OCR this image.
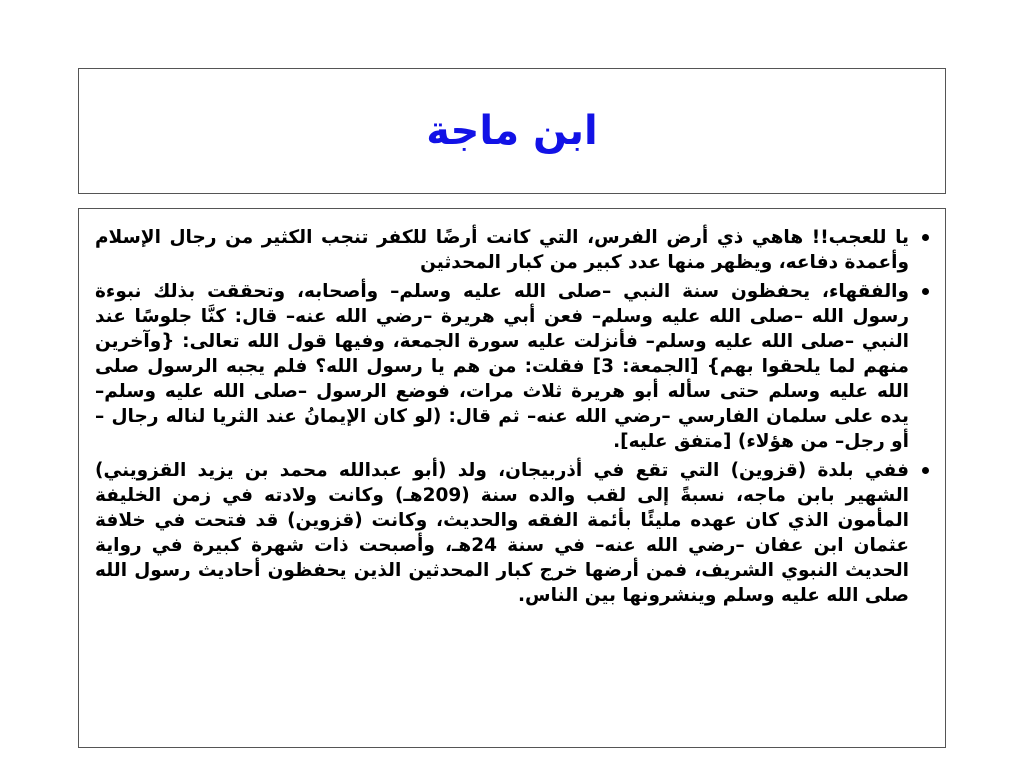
ابن ماجة
يا للعجب!! هاهي ذي أرض الفرس، التي كانت أرضًا للكفر تنجب الكثير من رجال الإسلام وأعمدة دفاعه، ويظهر منها عدد كبير من كبار المحدثين
والفقهاء، يحفظون سنة النبي –صلى الله عليه وسلم– وأصحابه، وتحققت بذلك نبوءة رسول الله –صلى الله عليه وسلم– فعن أبي هريرة –رضي الله عنه– قال: كنَّا جلوسًا عند النبي –صلى الله عليه وسلم– فأنزلت عليه سورة الجمعة، وفيها قول الله تعالى: {وآخرين منهم لما يلحقوا بهم} [الجمعة: 3] فقلت: من هم يا رسول الله؟ فلم يجبه الرسول صلى الله عليه وسلم حتى سأله أبو هريرة ثلاث مرات، فوضع الرسول –صلى الله عليه وسلم– يده على سلمان الفارسي –رضي الله عنه– ثم قال: (لو كان الإيمانُ عند الثريا لناله رجال –أو رجل– من هؤلاء) [متفق عليه].
ففي بلدة (قزوين) التي تقع في أذربيجان، ولد (أبو عبدالله محمد بن يزيد القزويني) الشهير بابن ماجه، نسبةً إلى لقب والده سنة (209هـ) وكانت ولادته في زمن الخليفة المأمون الذي كان عهده مليئًا بأئمة الفقه والحديث، وكانت (قزوين) قد فتحت في خلافة عثمان ابن عفان –رضي الله عنه– في سنة 24هـ، وأصبحت ذات شهرة كبيرة في رواية الحديث النبوي الشريف، فمن أرضها خرج كبار المحدثين الذين يحفظون أحاديث رسول الله صلى الله عليه وسلم وينشرونها بين الناس.
